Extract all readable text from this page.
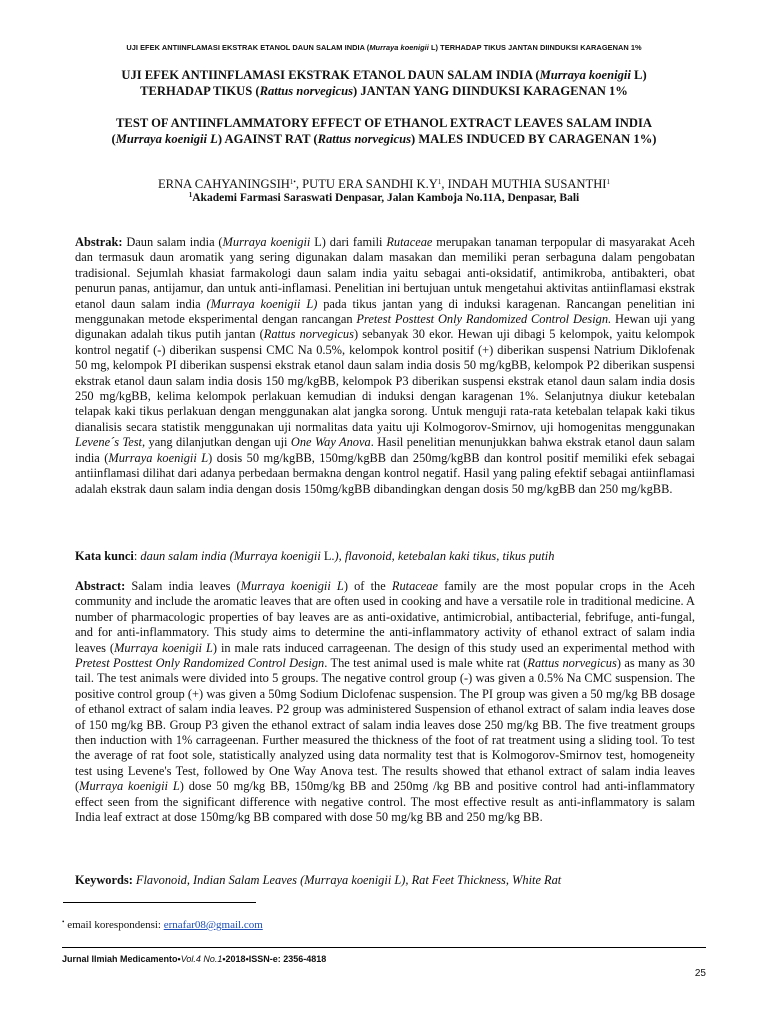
UJI EFEK ANTIINFLAMASI EKSTRAK ETANOL DAUN SALAM INDIA (Murraya koenigii L) TERHADAP TIKUS JANTAN DIINDUKSI KARAGENAN 1%
UJI EFEK ANTIINFLAMASI EKSTRAK ETANOL DAUN SALAM INDIA (Murraya koenigii L)
TERHADAP TIKUS (Rattus norvegicus) JANTAN YANG DIINDUKSI KARAGENAN 1%
TEST OF ANTIINFLAMMATORY EFFECT OF ETHANOL EXTRACT LEAVES SALAM INDIA
(Murraya koenigii L) AGAINST RAT (Rattus norvegicus) MALES INDUCED BY CARAGENAN 1%)
ERNA $CAHYANINGSIH^{1•}$, PUTU ERA SANDHI $K.Y^1$, INDAH MUTHIA SUSANTHI$^1$
$^1$Akademi Farmasi Saraswati Denpasar, Jalan Kamboja No.11A, Denpasar, Bali

Abstrak: Daun salam india (Murraya koenigii L) dari famili Rutaceae merupakan tanaman terpopular di masyarakat Aceh dan termasuk daun aromatik yang sering digunakan dalam masakan dan memiliki peran serbaguna dalam pengobatan tradisional. Sejumlah khasiat farmakologi daun salam india yaitu sebagai anti-oksidatif, antimikroba, antibakteri, obat penurun panas, antijamur, dan untuk anti-inflamasi. Penelitian ini bertujuan untuk mengetahui aktivitas antiinflamasi ekstrak etanol daun salam india (Murraya koenigii L) pada tikus jantan yang di induksi karagenan. Rancangan penelitian ini menggunakan metode eksperimental dengan rancangan Pretest Posttest Only Randomized Control Design. Hewan uji yang digunakan adalah tikus putih jantan (Rattus norvegicus) sebanyak 30 ekor. Hewan uji dibagi 5 kelompok, yaitu kelompok kontrol negatif (-) diberikan suspensi CMC Na 0.5%, kelompok kontrol positif (+) diberikan suspensi Natrium Diklofenak 50 mg, kelompok PI diberikan suspensi ekstrak etanol daun salam india dosis 50 mg/kgBB, kelompok P2 diberikan suspensi ekstrak etanol daun salam india dosis 150 mg/kgBB, kelompok P3 diberikan suspensi ekstrak etanol daun salam india dosis 250 mg/kgBB, kelima kelompok perlakuan kemudian di induksi dengan karagenan 1%. Selanjutnya diukur ketebalan telapak kaki tikus perlakuan dengan menggunakan alat jangka sorong. Untuk menguji rata-rata ketebalan telapak kaki tikus dianalisis secara statistik menggunakan uji normalitas data yaitu uji Kolmogorov-Smirnov, uji homogenitas menggunakan Levene´s Test, yang dilanjutkan dengan uji One Way Anova. Hasil penelitian menunjukkan bahwa ekstrak etanol daun salam india (Murraya koenigii L) dosis 50 mg/kgBB, 150mg/kgBB dan 250mg/kgBB dan kontrol positif memiliki efek sebagai antiinflamasi dilihat dari adanya perbedaan bermakna dengan kontrol negatif. Hasil yang paling efektif sebagai antiinflamasi adalah ekstrak daun salam india dengan dosis 150mg/kgBB dibandingkan dengan dosis 50 mg/kgBB dan 250 mg/kgBB.

Kata kunci: daun salam india (Murraya koenigii L.), flavonoid, ketebalan kaki tikus, tikus putih

Abstract: Salam india leaves (Murraya koenigii L) of the Rutaceae family are the most popular crops in the Aceh community and include the aromatic leaves that are often used in cooking and have a versatile role in traditional medicine. A number of pharmacologic properties of bay leaves are as anti-oxidative, antimicrobial, antibacterial, febrifuge, anti-fungal, and for anti-inflammatory. This study aims to determine the anti-inflammatory activity of ethanol extract of salam india leaves (Murraya koenigii L) in male rats induced carrageenan. The design of this study used an experimental method with Pretest Posttest Only Randomized Control Design. The test animal used is male white rat (Rattus norvegicus) as many as 30 tail. The test animals were divided into 5 groups. The negative control group (-) was given a 0.5% Na CMC suspension. The positive control group (+) was given a 50mg Sodium Diclofenac suspension. The PI group was given a 50 mg/kg BB dosage of ethanol extract of salam india leaves. P2 group was administered Suspension of ethanol extract of salam india leaves dose of 150 mg/kg BB. Group P3 given the ethanol extract of salam india leaves dose 250 mg/kg BB. The five treatment groups then induction with 1% carrageenan. Further measured the thickness of the foot of rat treatment using a sliding tool. To test the average of rat foot sole, statistically analyzed using data normality test that is Kolmogorov-Smirnov test, homogeneity test using Levene's Test, followed by One Way Anova test. The results showed that ethanol extract of salam india leaves (Murraya koenigii L) dose 50 mg/kg BB, 150mg/kg BB and 250mg /kg BB and positive control had anti-inflammatory effect seen from the significant difference with negative control. The most effective result as anti-inflammatory is salam India leaf extract at dose 150mg/kg BB compared with dose 50 mg/kg BB and 250 mg/kg BB.

Keywords: Flavonoid, Indian Salam Leaves (Murraya koenigii L), Rat Feet Thickness, White Rat

• email korespondensi: ernafar08@gmail.com
Jurnal Ilmiah Medicamento•Vol.4 No.1•2018•ISSN-e: 2356-4818
25
